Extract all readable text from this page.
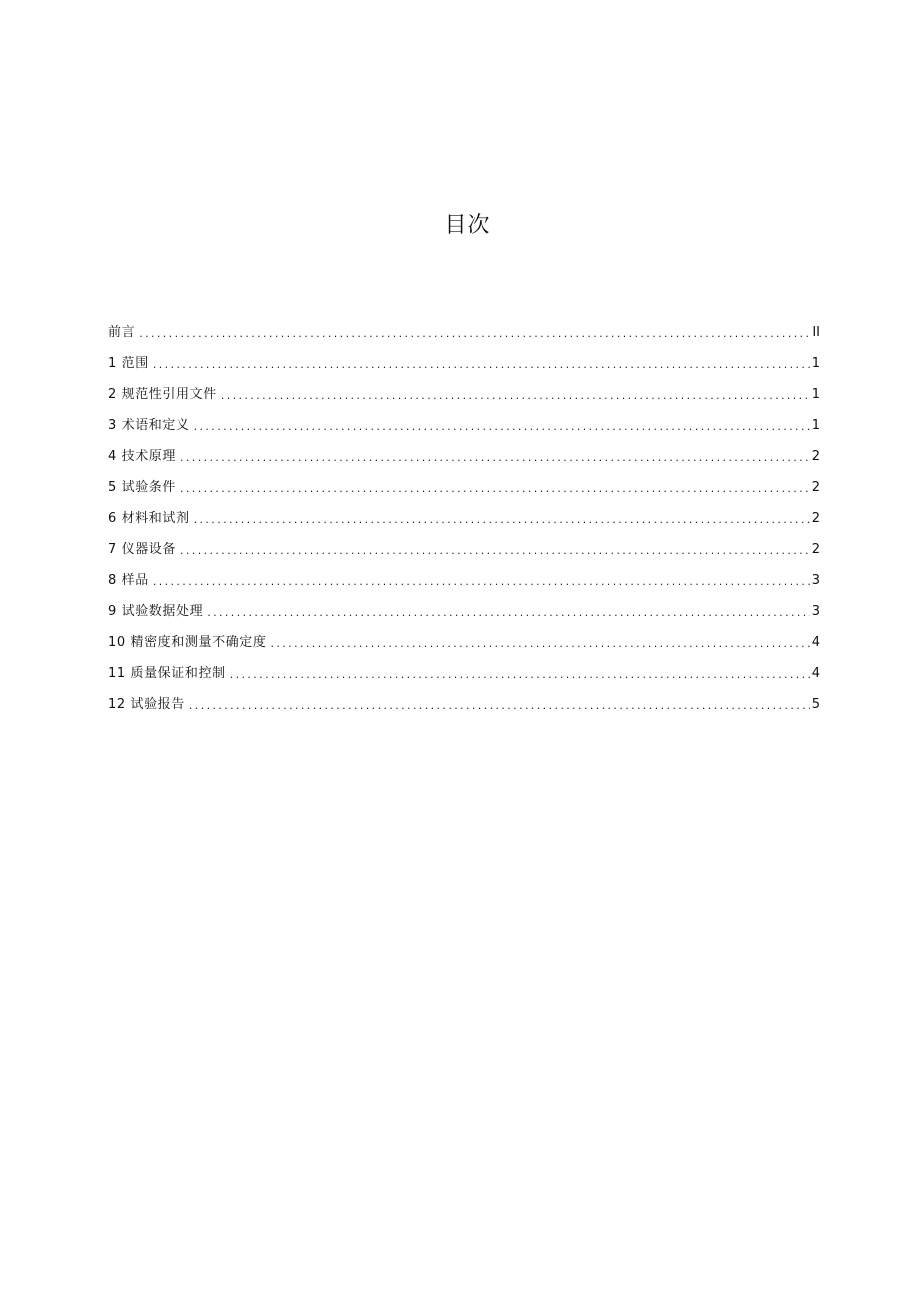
目次
前言 .....	II
1 范围 .....	1
2 规范性引用文件 .....	1
3 术语和定义 .....	1
4 技术原理 .....	2
5 试验条件 .....	2
6 材料和试剂 .....	2
7 仪器设备 .....	2
8 样品 .....	3
9 试验数据处理 .....	3
10 精密度和测量不确定度 .....	4
11 质量保证和控制 .....	4
12 试验报告 .....	5
